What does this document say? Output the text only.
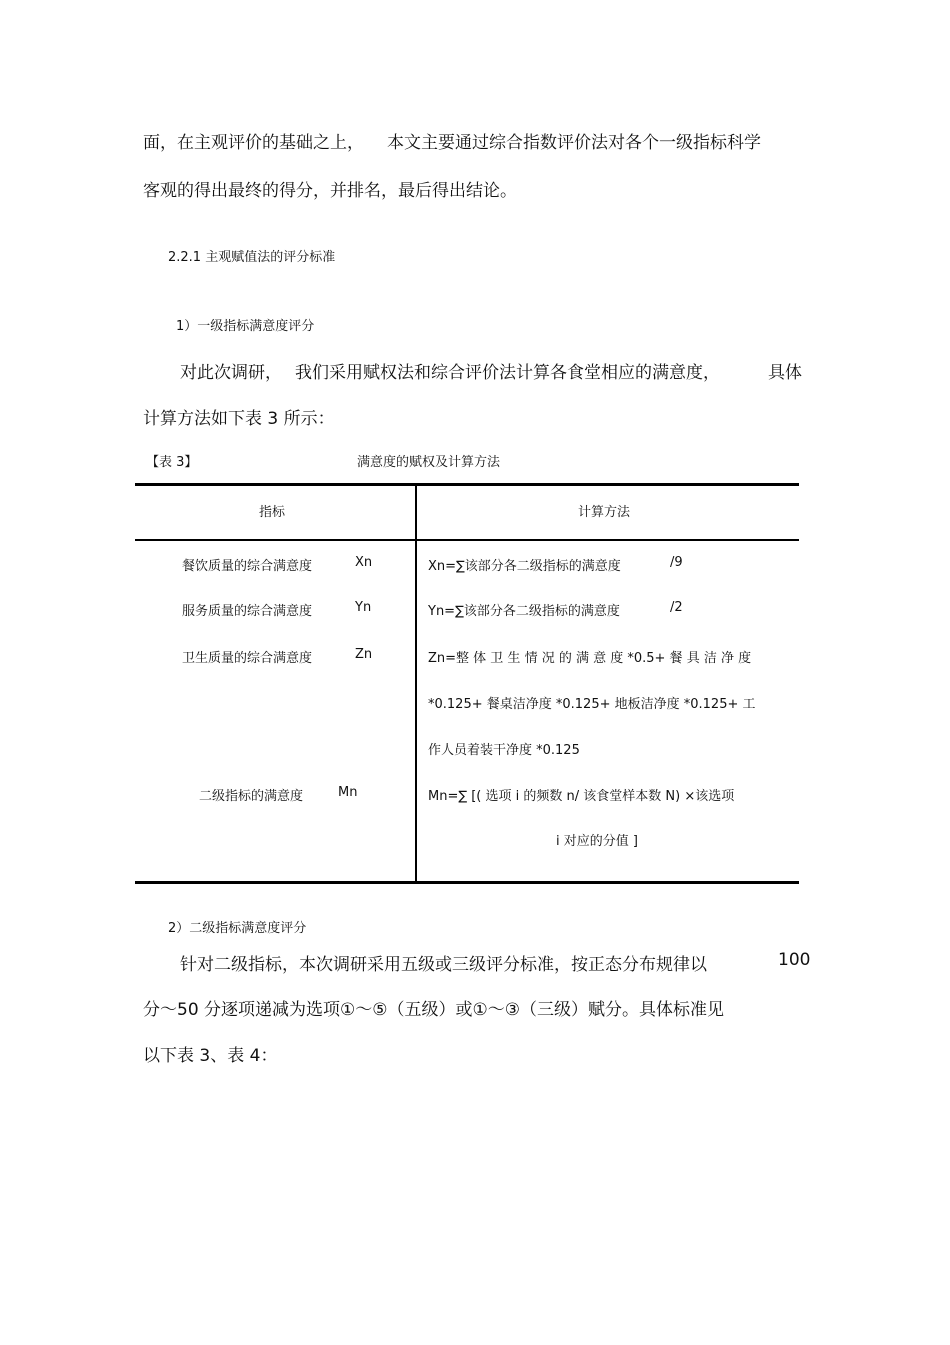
面，在主观评价的基础之上， 本文主要通过综合指数评价法对各个一级指标科学
客观的得出最终的得分，并排名，最后得出结论。
2.2.1 主观赋值法的评分标准
1）一级指标满意度评分
对此次调研， 我们采用赋权法和综合评价法计算各食堂相应的满意度，	具体
计算方法如下表 3 所示：
【表 3】	满意度的赋权及计算方法
指标	计算方法
餐饮质量的综合满意度	Xn	Xn=∑该部分各二级指标的满意度	/9
服务质量的综合满意度	Yn	Yn=∑该部分各二级指标的满意度	/2
卫生质量的综合满意度	Zn	Zn=整 体 卫 生 情 况 的 满 意 度 *0.5+ 餐 具 洁 净 度
*0.125+ 餐桌洁净度 *0.125+ 地板洁净度 *0.125+ 工
作人员着装干净度 *0.125
二级指标的满意度	Mn	Mn=∑ [( 选项 i 的频数 n/ 该食堂样本数 N) ×该选项
i 对应的分值 ]
2）二级指标满意度评分
针对二级指标，本次调研采用五级或三级评分标准，按正态分布规律以	100
分～50 分逐项递减为选项①～⑤（五级）或①～③（三级）赋分。具体标准见
以下表 3、表 4：
